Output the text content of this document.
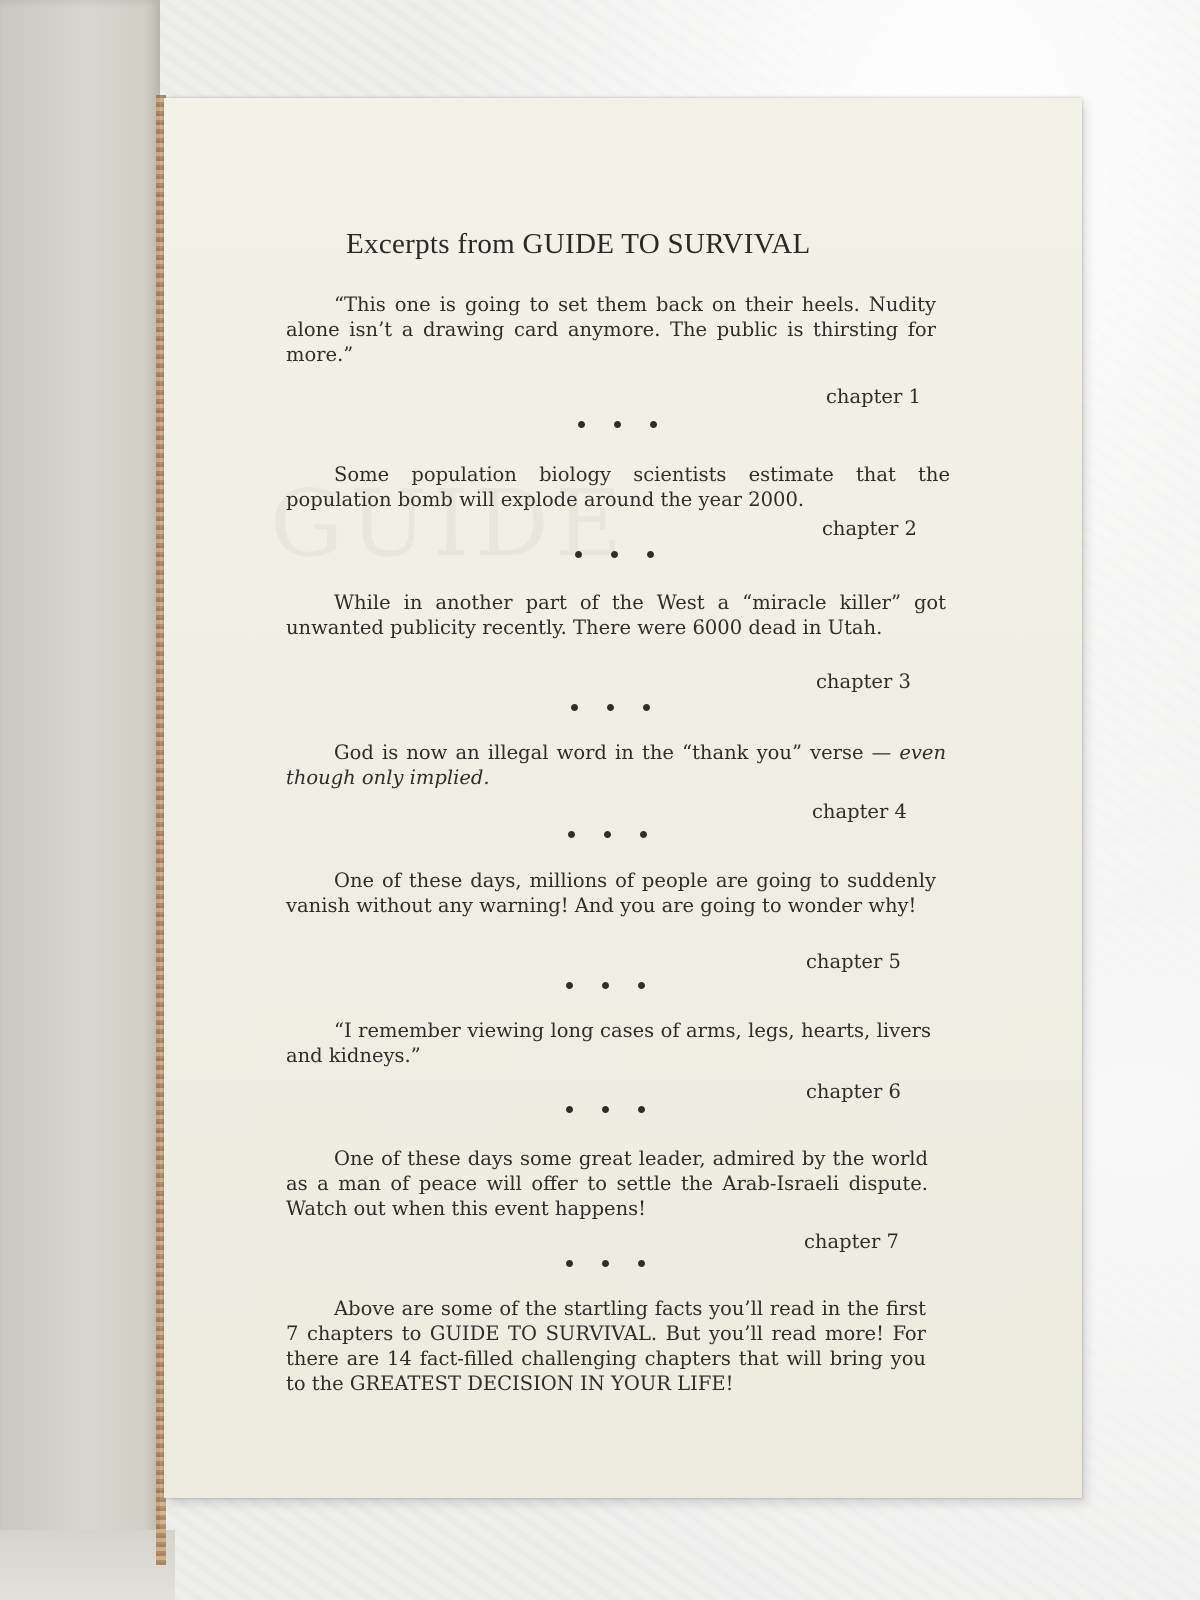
Excerpts from GUIDE TO SURVIVAL

“This one is going to set them back on their heels. Nudity alone isn’t a drawing card anymore. The public is thirsting for more.”

chapter 1

Some population biology scientists estimate that the population bomb will explode around the year 2000.

chapter 2

While in another part of the West a “miracle killer” got unwanted publicity recently. There were 6000 dead in Utah.

chapter 3

God is now an illegal word in the “thank you” verse — even though only implied.

chapter 4

One of these days, millions of people are going to suddenly vanish without any warning! And you are going to wonder why!

chapter 5

“I remember viewing long cases of arms, legs, hearts, livers and kidneys.”

chapter 6

One of these days some great leader, admired by the world as a man of peace will offer to settle the Arab-Israeli dispute. Watch out when this event happens!

chapter 7

Above are some of the startling facts you’ll read in the first 7 chapters to GUIDE TO SURVIVAL. But you’ll read more! For there are 14 fact-filled challenging chapters that will bring you to the GREATEST DECISION IN YOUR LIFE!
